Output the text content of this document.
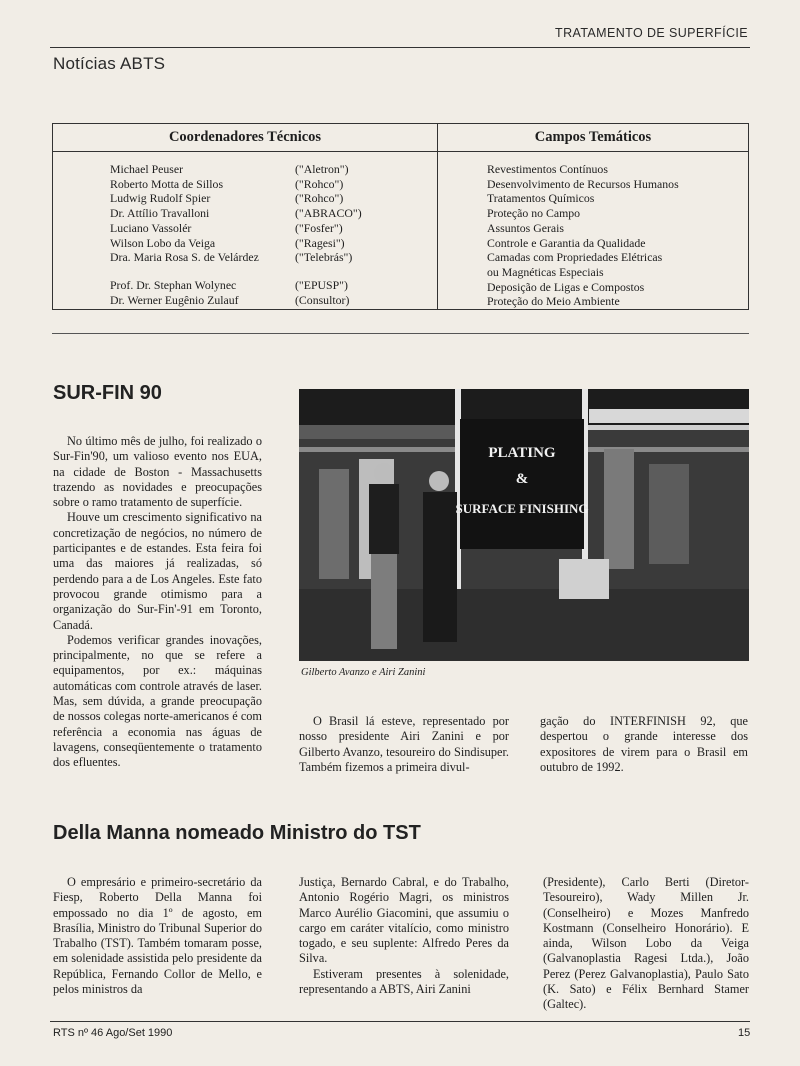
TRATAMENTO DE SUPERFÍCIE
Notícias ABTS
Coordenadores Técnicos	Campos Temáticos
Michael Peuser
Roberto Motta de Sillos
Ludwig Rudolf Spier
Dr. Attílio Travalloni
Luciano Vassolér
Wilson Lobo da Veiga
Dra. Maria Rosa S. de Velárdez
Prof. Dr. Stephan Wolynec
Dr. Werner Eugênio Zulauf
("Aletron")
("Rohco")
("Rohco")
("ABRACO")
("Fosfer")
("Ragesi")
("Telebrás")
("EPUSP")
(Consultor)
Revestimentos Contínuos
Desenvolvimento de Recursos Humanos
Tratamentos Químicos
Proteção no Campo
Assuntos Gerais
Controle e Garantia da Qualidade
Camadas com Propriedades Elétricas
ou Magnéticas Especiais
Deposição de Ligas e Compostos
Proteção do Meio Ambiente
SUR-FIN 90

No último mês de julho, foi realizado o Sur-Fin'90, um valioso evento nos EUA, na cidade de Boston - Massachusetts trazendo as novidades e preocupações sobre o ramo tratamento de superfície.

Houve um crescimento significativo na concretização de negócios, no número de participantes e de estandes. Esta feira foi uma das maiores já realizadas, só perdendo para a de Los Angeles. Este fato provocou grande otimismo para a organização do Sur-Fin'-91 em Toronto, Canadá.

Podemos verificar grandes inovações, principalmente, no que se refere a equipamentos, por ex.: máquinas automáticas com controle através de laser. Mas, sem dúvida, a grande preocupação de nossos colegas norte-americanos é com referência a economia nas águas de lavagens, conseqüentemente o tratamento dos efluentes.

PLATING
&
SURFACE FINISHING
Gilberto Avanzo e Airi Zanini

O Brasil lá esteve, representado por nosso presidente Airi Zanini e por Gilberto Avanzo, tesoureiro do Sindisuper. Também fizemos a primeira divul-

gação do INTERFINISH 92, que despertou o grande interesse dos expositores de virem para o Brasil em outubro de 1992.

Della Manna nomeado Ministro do TST

O empresário e primeiro-secretário da Fiesp, Roberto Della Manna foi empossado no dia 1º de agosto, em Brasília, Ministro do Tribunal Superior do Trabalho (TST). Também tomaram posse, em solenidade assistida pelo presidente da República, Fernando Collor de Mello, e pelos ministros da

Justiça, Bernardo Cabral, e do Trabalho, Antonio Rogério Magri, os ministros Marco Aurélio Giacomini, que assumiu o cargo em caráter vitalício, como ministro togado, e seu suplente: Alfredo Peres da Silva.

Estiveram presentes à solenidade, representando a ABTS, Airi Zanini

(Presidente), Carlo Berti (Diretor-Tesoureiro), Wady Millen Jr. (Conselheiro) e Mozes Manfredo Kostmann (Conselheiro Honorário). E ainda, Wilson Lobo da Veiga (Galvanoplastia Ragesi Ltda.), João Perez (Perez Galvanoplastia), Paulo Sato (K. Sato) e Félix Bernhard Stamer (Galtec).

RTS nº 46 Ago/Set 1990	15
